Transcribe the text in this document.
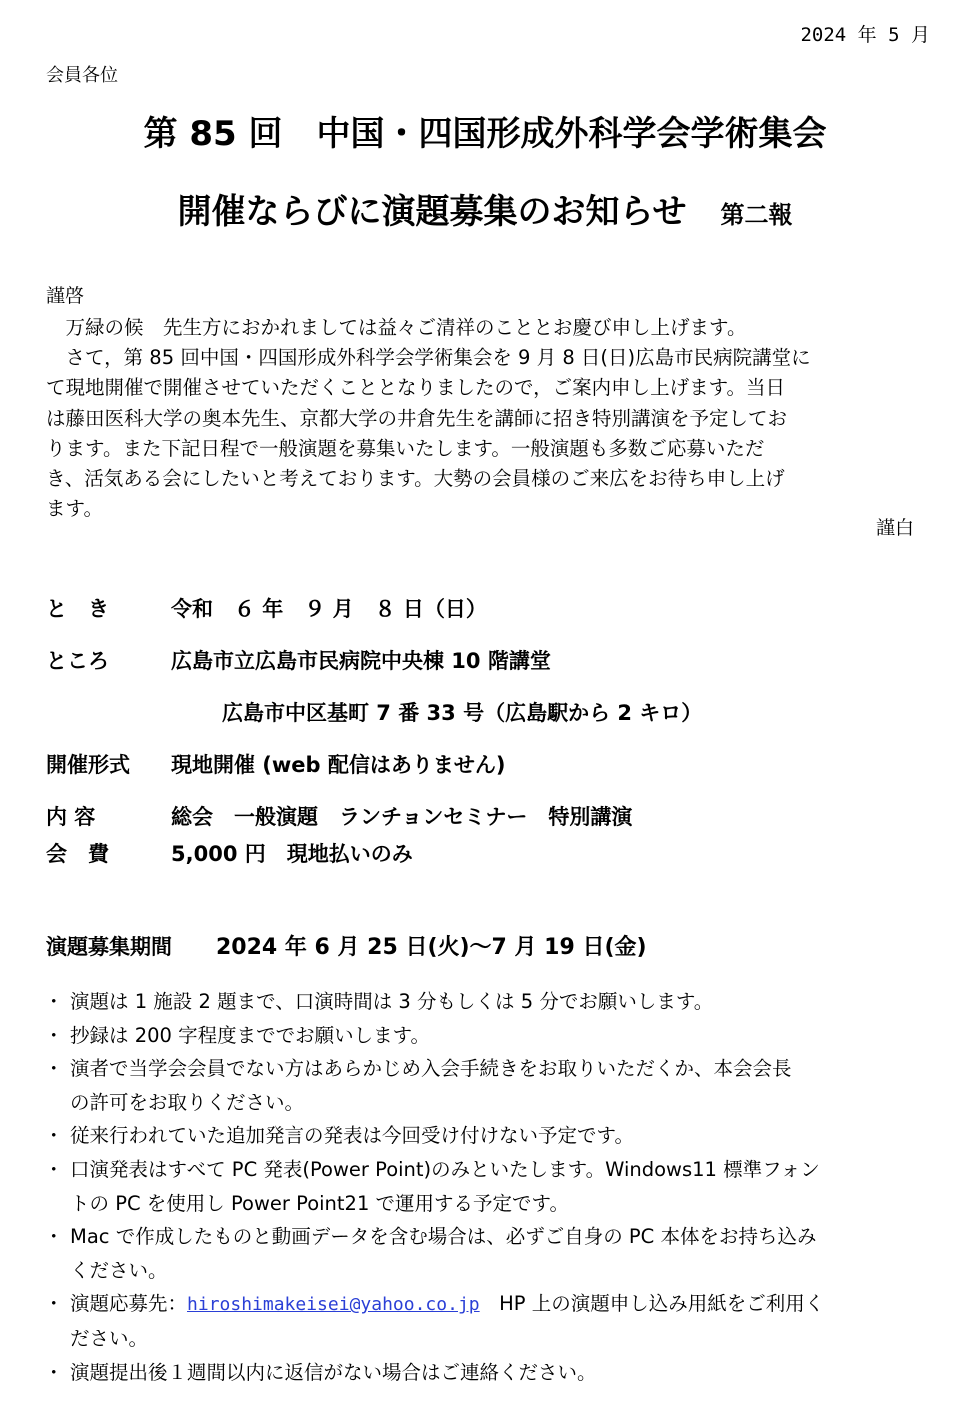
2024 年 5 月
会員各位
第 85 回　中国・四国形成外科学会学術集会
開催ならびに演題募集のお知らせ 第二報
謹啓

　万緑の候　先生方におかれましては益々ご清祥のこととお慶び申し上げます。

　さて，第 85 回中国・四国形成外科学会学術集会を 9 月 8 日(日)広島市民病院講堂に

て現地開催で開催させていただくこととなりましたので，ご案内申し上げます。当日

は藤田医科大学の奥本先生、京都大学の井倉先生を講師に招き特別講演を予定してお

ります。また下記日程で一般演題を募集いたします。一般演題も多数ご応募いただ

き、活気ある会にしたいと考えております。大勢の会員様のご来広をお待ち申し上げ

ます。

謹白
と　き	令和　６ 年　９ 月　８ 日（日）
ところ	広島市立広島市民病院中央棟 10 階講堂
広島市中区基町 7 番 33 号（広島駅から 2 キロ）
開催形式 現地開催 (web 配信はありません)
内 容	総会　一般演題　ランチョンセミナー　特別講演
会　費	5,000 円　現地払いのみ
演題募集期間 2024 年 6 月 25 日(火)～7 月 19 日(金)
・ 演題は 1 施設 2 題まで、口演時間は 3 分もしくは 5 分でお願いします。
・ 抄録は 200 字程度まででお願いします。
・ 演者で当学会会員でない方はあらかじめ入会手続きをお取りいただくか、本会会長
の許可をお取りください。
・ 従来行われていた追加発言の発表は今回受け付けない予定です。
・ 口演発表はすべて PC 発表(Power Point)のみといたします。Windows11 標準フォン
トの PC を使用し Power Point21 で運用する予定です。
・ Mac で作成したものと動画データを含む場合は、必ずご自身の PC 本体をお持ち込み
ください。
・ 演題応募先：hiroshimakeisei@yahoo.co.jp　HP 上の演題申し込み用紙をご利用く
ださい。
・ 演題提出後１週間以内に返信がない場合はご連絡ください。
